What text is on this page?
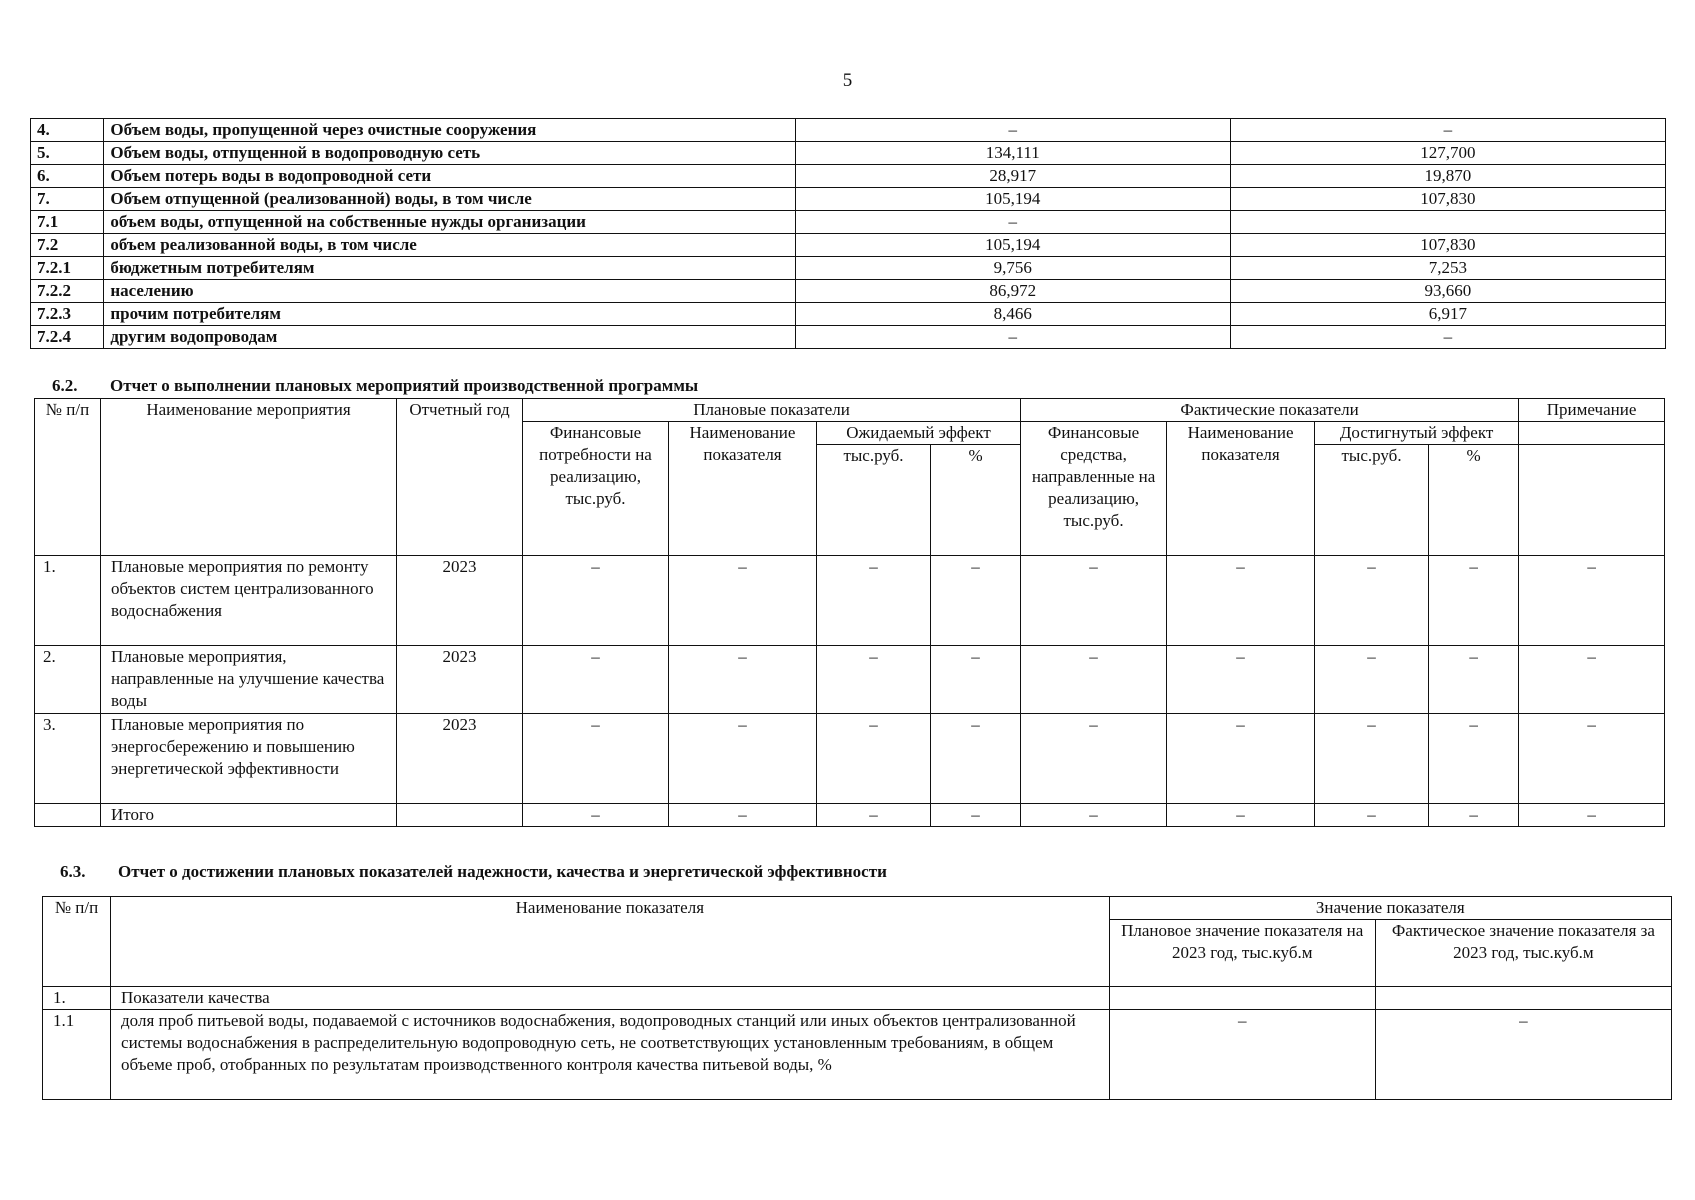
5
4.	Объем воды, пропущенной через очистные сооружения	–	–
5.	Объем воды, отпущенной в водопроводную сеть	134,111	127,700
6.	Объем потерь воды в водопроводной сети	28,917	19,870
7.	Объем отпущенной (реализованной) воды, в том числе	105,194	107,830
7.1	объем воды, отпущенной на собственные нужды организации	–	
7.2	объем реализованной воды, в том числе	105,194	107,830
7.2.1	бюджетным потребителям	9,756	7,253
7.2.2	населению	86,972	93,660
7.2.3	прочим потребителям	8,466	6,917
7.2.4	другим водопроводам	–	–
6.2. Отчет о выполнении плановых мероприятий производственной программы
№ п/п	Наименование мероприятия	Отчетный год	Плановые показатели				Фактические показатели				Примечание
			Финансовые потребности на реализацию, тыс.руб.	Наименование показателя	Ожидаемый эффект		Финансовые средства, направленные на реализацию, тыс.руб.	Наименование показателя	Достигнутый эффект		
					тыс.руб.	%			тыс.руб.	%	
1.	Плановые мероприятия по ремонту объектов систем централизованного водоснабжения	2023	–	–	–	–	–	–	–	–	–
2.	Плановые мероприятия, направленные на улучшение качества воды	2023	–	–	–	–	–	–	–	–	–
3.	Плановые мероприятия по энергосбережению и повышению энергетической эффективности	2023	–	–	–	–	–	–	–	–	–
	Итого		–	–	–	–	–	–	–	–	–
6.3. Отчет о достижении плановых показателей надежности, качества и энергетической эффективности
№ п/п	Наименование показателя	Значение показателя	
		Плановое значение показателя на 2023 год, тыс.куб.м	Фактическое значение показателя за 2023 год, тыс.куб.м
1.	Показатели качества		
1.1	доля проб питьевой воды, подаваемой с источников водоснабжения, водопроводных станций или иных объектов централизованной системы водоснабжения в распределительную водопроводную сеть, не соответствующих установленным требованиям, в общем объеме проб, отобранных по результатам производственного контроля качества питьевой воды, %	–	–
